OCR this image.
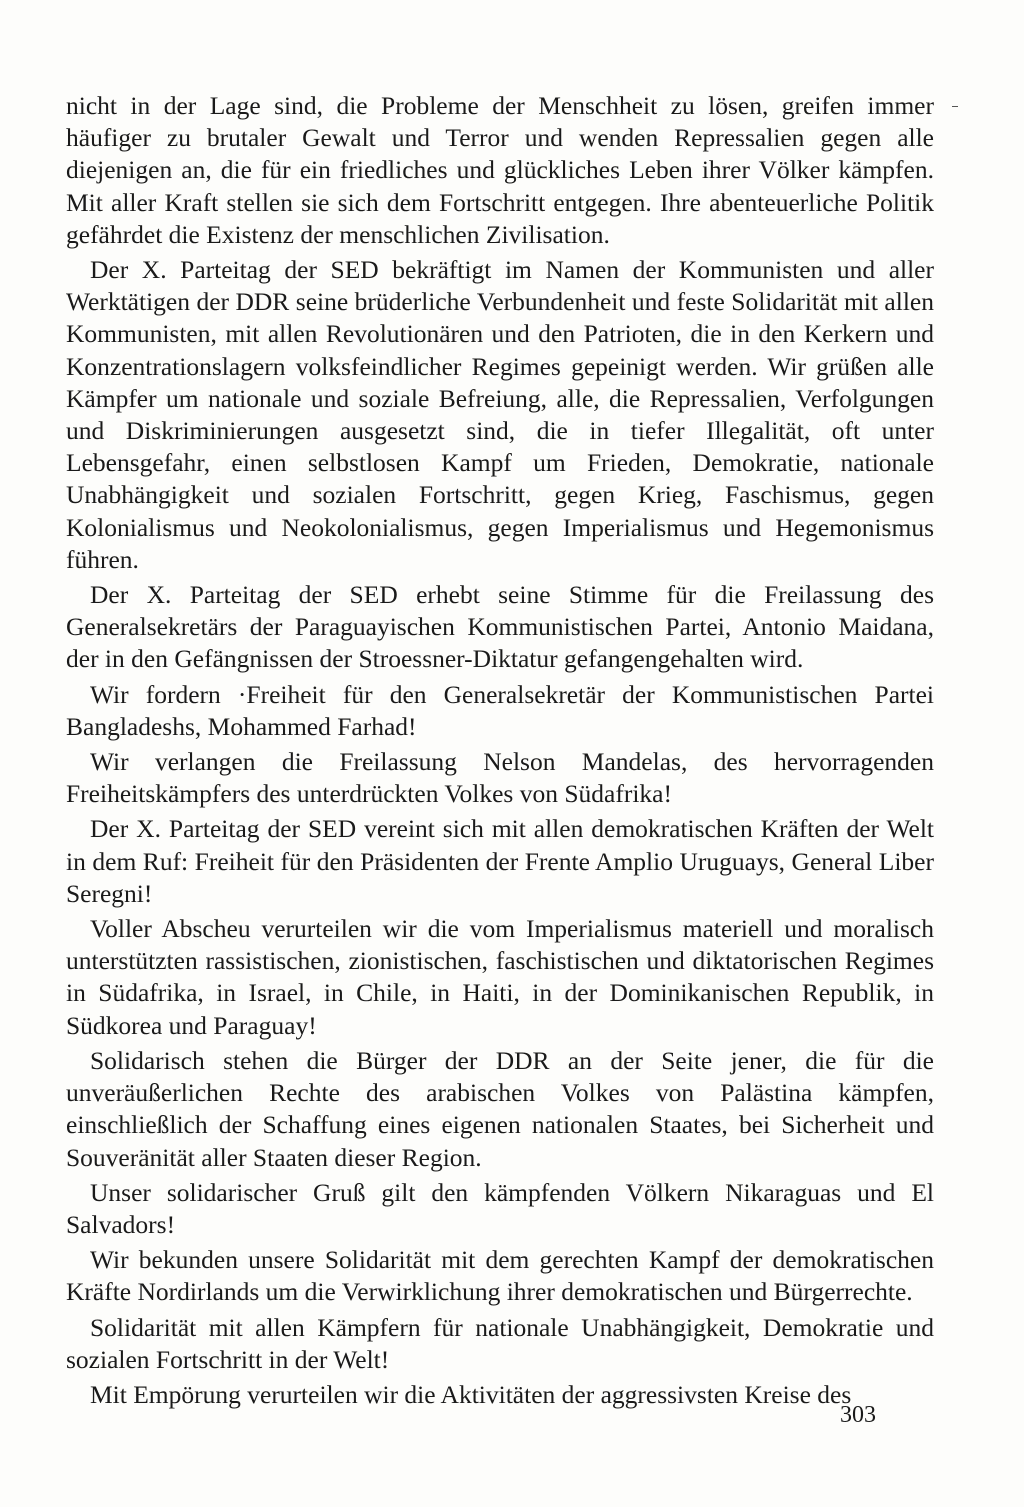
nicht in der Lage sind, die Probleme der Menschheit zu lösen, greifen immer häufiger zu brutaler Gewalt und Terror und wenden Repressalien gegen alle diejenigen an, die für ein friedliches und glückliches Leben ihrer Völker kämpfen. Mit aller Kraft stellen sie sich dem Fortschritt entgegen. Ihre abenteuerliche Politik gefährdet die Existenz der menschlichen Zivilisation.

Der X. Parteitag der SED bekräftigt im Namen der Kommunisten und aller Werktätigen der DDR seine brüderliche Verbundenheit und feste Solidarität mit allen Kommunisten, mit allen Revolutionären und den Patrioten, die in den Kerkern und Konzentrationslagern volksfeindlicher Regimes gepeinigt werden. Wir grüßen alle Kämpfer um nationale und soziale Befreiung, alle, die Repressalien, Verfolgungen und Diskriminierungen ausgesetzt sind, die in tiefer Illegalität, oft unter Lebensgefahr, einen selbstlosen Kampf um Frieden, Demokratie, nationale Unabhängigkeit und sozialen Fortschritt, gegen Krieg, Faschismus, gegen Kolonialismus und Neokolonialismus, gegen Imperialismus und Hegemonismus führen.

Der X. Parteitag der SED erhebt seine Stimme für die Freilassung des Generalsekretärs der Paraguayischen Kommunistischen Partei, Antonio Maidana, der in den Gefängnissen der Stroessner-Diktatur gefangengehalten wird.

Wir fordern ·Freiheit für den Generalsekretär der Kommunistischen Partei Bangladeshs, Mohammed Farhad!

Wir verlangen die Freilassung Nelson Mandelas, des hervorragenden Freiheitskämpfers des unterdrückten Volkes von Südafrika!

Der X. Parteitag der SED vereint sich mit allen demokratischen Kräften der Welt in dem Ruf: Freiheit für den Präsidenten der Frente Amplio Uruguays, General Liber Seregni!

Voller Abscheu verurteilen wir die vom Imperialismus materiell und moralisch unterstützten rassistischen, zionistischen, faschistischen und diktatorischen Regimes in Südafrika, in Israel, in Chile, in Haiti, in der Dominikanischen Republik, in Südkorea und Paraguay!

Solidarisch stehen die Bürger der DDR an der Seite jener, die für die unveräußerlichen Rechte des arabischen Volkes von Palästina kämpfen, einschließlich der Schaffung eines eigenen nationalen Staates, bei Sicherheit und Souveränität aller Staaten dieser Region.

Unser solidarischer Gruß gilt den kämpfenden Völkern Nikaraguas und El Salvadors!

Wir bekunden unsere Solidarität mit dem gerechten Kampf der demokratischen Kräfte Nordirlands um die Verwirklichung ihrer demokratischen und Bürgerrechte.

Solidarität mit allen Kämpfern für nationale Unabhängigkeit, Demokratie und sozialen Fortschritt in der Welt!

Mit Empörung verurteilen wir die Aktivitäten der aggressivsten Kreise des

303
